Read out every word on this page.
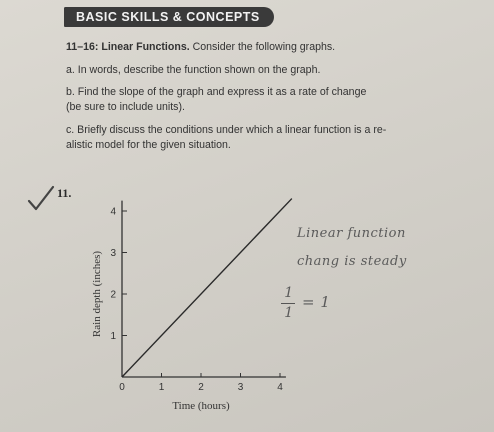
BASIC SKILLS & CONCEPTS
11–16: Linear Functions. Consider the following graphs.
a. In words, describe the function shown on the graph.
b. Find the slope of the graph and express it as a rate of change
(be sure to include units).
c. Briefly discuss the conditions under which a linear function is a re-
alistic model for the given situation.
11.
0	1	2	3	4
1
2
3
4
Time (hours)
Rain depth (inches)
Linear function
chang is steady
1
1
= 1
